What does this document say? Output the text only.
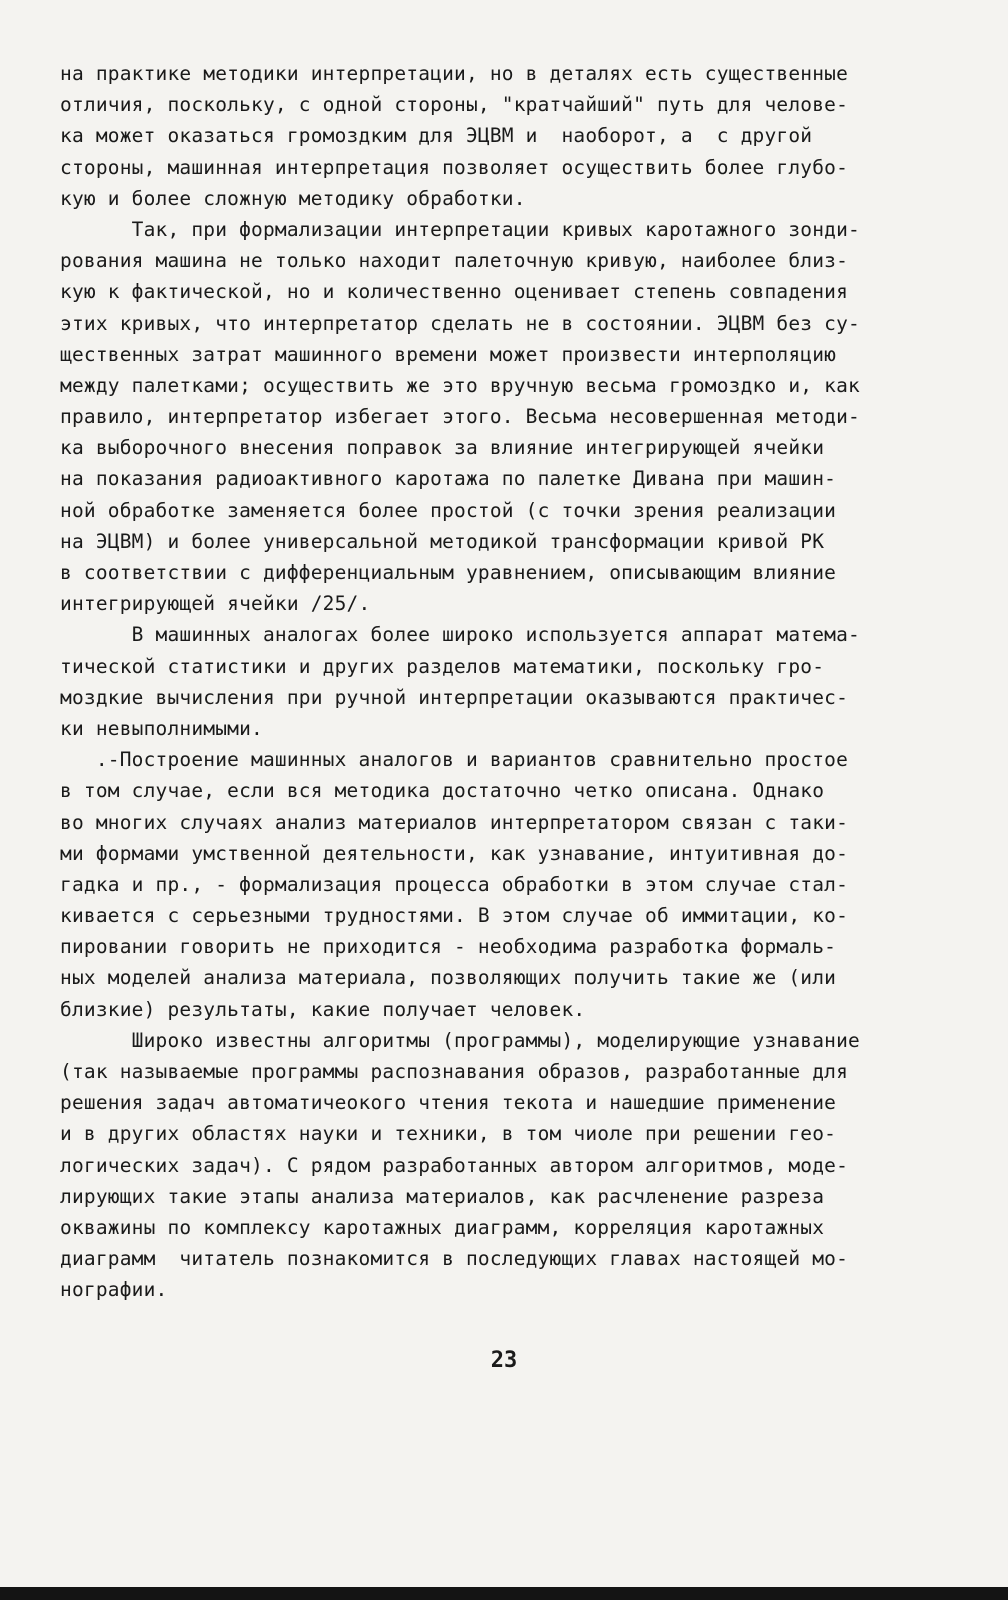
на практике методики интерпретации, но в деталях есть существенные
отличия, поскольку, с одной стороны, "кратчайший" путь для челове-
ка может оказаться громоздким для ЭЦВМ и  наоборот, а  с другой
стороны, машинная интерпретация позволяет осуществить более глубо-
кую и более сложную методику обработки.
Так, при формализации интерпретации кривых каротажного зонди-
рования машина не только находит палеточную кривую, наиболее близ-
кую к фактической, но и количественно оценивает степень совпадения
этих кривых, что интерпретатор сделать не в состоянии. ЭЦВМ без су-
щественных затрат машинного времени может произвести интерполяцию
между палетками; осуществить же это вручную весьма громоздко и, как
правило, интерпретатор избегает этого. Весьма несовершенная методи-
ка выборочного внесения поправок за влияние интегрирующей ячейки
на показания радиоактивного каротажа по палетке Дивана при машин-
ной обработке заменяется более простой (с точки зрения реализации
на ЭЦВМ) и более универсальной методикой трансформации кривой РК
в соответствии с дифференциальным уравнением, описывающим влияние
интегрирующей ячейки /25/.
В машинных аналогах более широко используется аппарат матема-
тической статистики и других разделов математики, поскольку гро-
моздкие вычисления при ручной интерпретации оказываются практичес-
ки невыполнимыми.
.-Построение машинных аналогов и вариантов сравнительно простое
в том случае, если вся методика достаточно четко описана. Однако
во многих случаях анализ материалов интерпретатором связан с таки-
ми формами умственной деятельности, как узнавание, интуитивная до-
гадка и пр., - формализация процесса обработки в этом случае стал-
кивается с серьезными трудностями. В этом случае об иммитации, ко-
пировании говорить не приходится - необходима разработка формаль-
ных моделей анализа материала, позволяющих получить такие же (или
близкие) результаты, какие получает человек.
Широко известны алгоритмы (программы), моделирующие узнавание
(так называемые программы распознавания образов, разработанные для
решения задач автоматичеокого чтения текота и нашедшие применение
и в других областях науки и техники, в том чиоле при решении гео-
логических задач). С рядом разработанных автором алгоритмов, моде-
лирующих такие этапы анализа материалов, как расчленение разреза
окважины по комплексу каротажных диаграмм, корреляция каротажных
диаграмм  читатель познакомится в последующих главах настоящей мо-
нографии.
23
